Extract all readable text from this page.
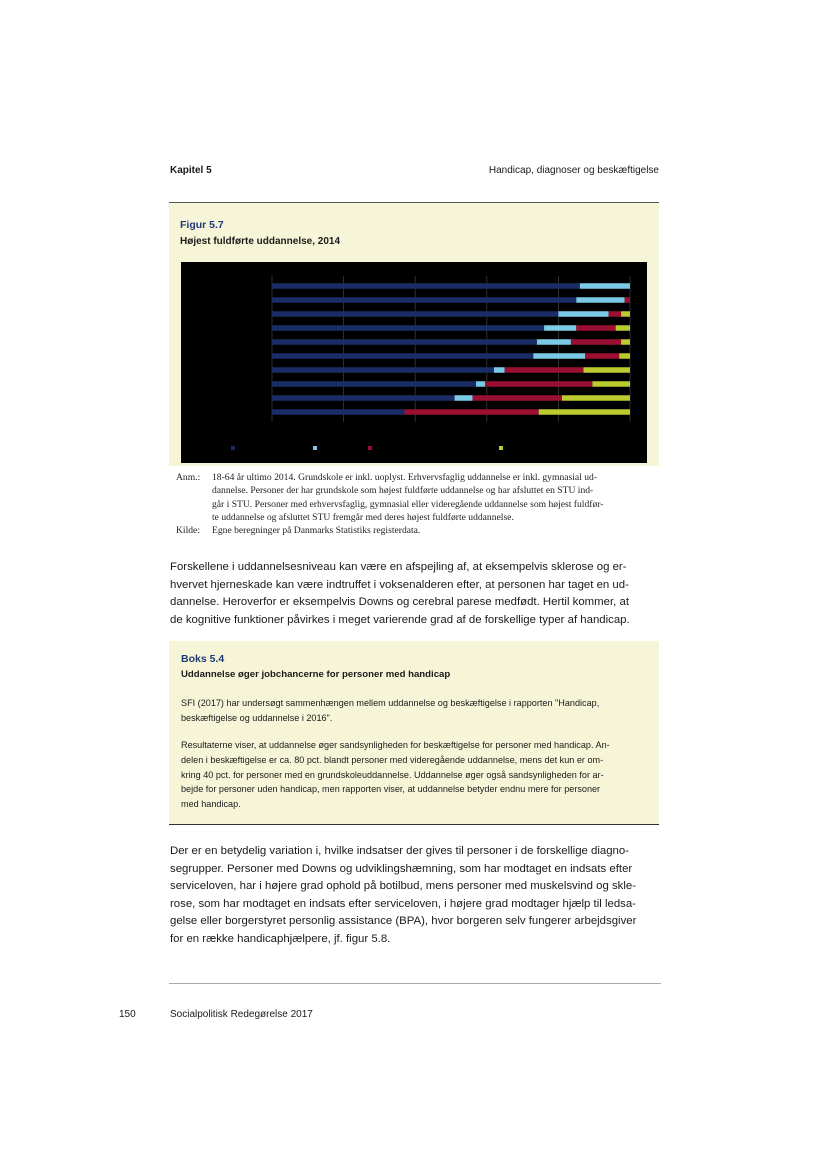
Kapitel 5	Handicap, diagnoser og beskæftigelse
Figur 5.7
Højest fuldførte uddannelse, 2014
Anm.:	18-64 år ultimo 2014. Grundskole er inkl. uoplyst. Erhvervsfaglig uddannelse er inkl. gymnasial ud-
dannelse. Personer der har grundskole som højest fuldførte uddannelse og har afsluttet en STU ind-
går i STU. Personer med erhvervsfaglig, gymnasial eller videregående uddannelse som højest fuldfør-
te uddannelse og afsluttet STU fremgår med deres højest fuldførte uddannelse.
Kilde:	Egne beregninger på Danmarks Statistiks registerdata.
Forskellene i uddannelsesniveau kan være en afspejling af, at eksempelvis sklerose og er-
hvervet hjerneskade kan være indtruffet i voksenalderen efter, at personen har taget en ud-
dannelse. Heroverfor er eksempelvis Downs og cerebral parese medfødt. Hertil kommer, at
de kognitive funktioner påvirkes i meget varierende grad af de forskellige typer af handicap.
Boks 5.4
Uddannelse øger jobchancerne for personer med handicap
SFI (2017) har undersøgt sammenhængen mellem uddannelse og beskæftigelse i rapporten "Handicap,
beskæftigelse og uddannelse i 2016".
Resultaterne viser, at uddannelse øger sandsynligheden for beskæftigelse for personer med handicap. An-
delen i beskæftigelse er ca. 80 pct. blandt personer med videregående uddannelse, mens det kun er om-
kring 40 pct. for personer med en grundskoleuddannelse. Uddannelse øger også sandsynligheden for ar-
bejde for personer uden handicap, men rapporten viser, at uddannelse betyder endnu mere for personer
med handicap.
Der er en betydelig variation i, hvilke indsatser der gives til personer i de forskellige diagno-
segrupper. Personer med Downs og udviklingshæmning, som har modtaget en indsats efter
serviceloven, har i højere grad ophold på botilbud, mens personer med muskelsvind og skle-
rose, som har modtaget en indsats efter serviceloven, i højere grad modtager hjælp til ledsa-
gelse eller borgerstyret personlig assistance (BPA), hvor borgeren selv fungerer arbejdsgiver
for en række handicaphjælpere, jf. figur 5.8.
150	Socialpolitisk Redegørelse 2017
